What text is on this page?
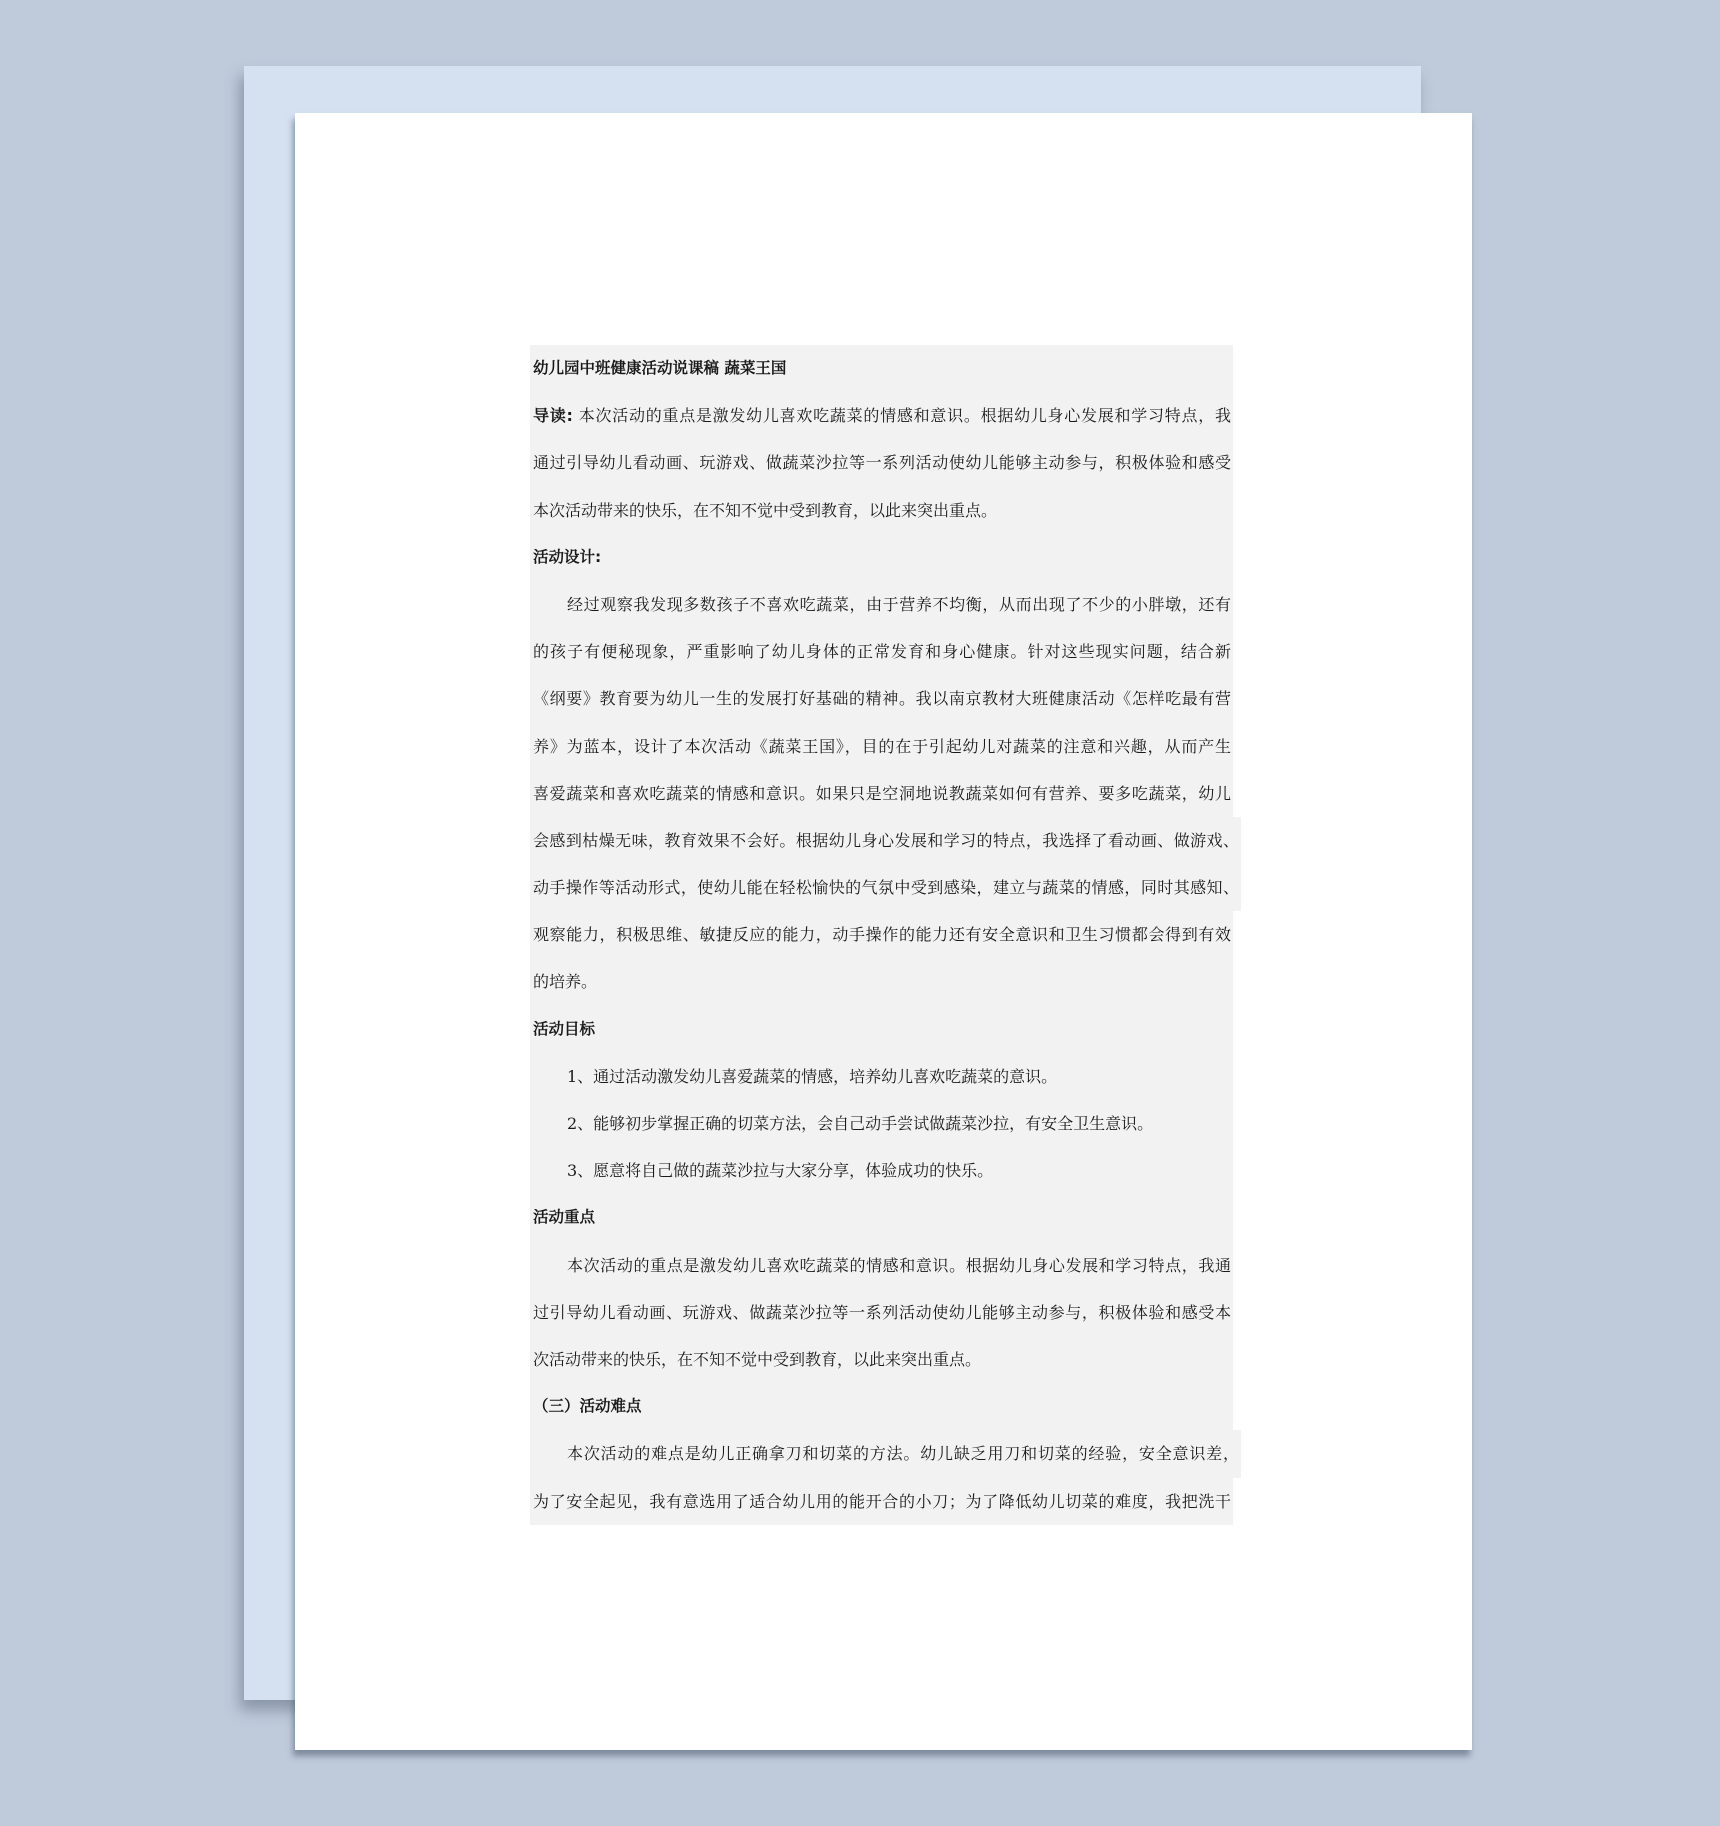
幼儿园中班健康活动说课稿 蔬菜王国
导读: 本次活动的重点是激发幼儿喜欢吃蔬菜的情感和意识。根据幼儿身心发展和学习特点，我
通过引导幼儿看动画、玩游戏、做蔬菜沙拉等一系列活动使幼儿能够主动参与，积极体验和感受
本次活动带来的快乐，在不知不觉中受到教育，以此来突出重点。
活动设计:
经过观察我发现多数孩子不喜欢吃蔬菜，由于营养不均衡，从而出现了不少的小胖墩，还有
的孩子有便秘现象，严重影响了幼儿身体的正常发育和身心健康。针对这些现实问题，结合新
《纲要》教育要为幼儿一生的发展打好基础的精神。我以南京教材大班健康活动《怎样吃最有营
养》为蓝本，设计了本次活动《蔬菜王国》，目的在于引起幼儿对蔬菜的注意和兴趣，从而产生
喜爱蔬菜和喜欢吃蔬菜的情感和意识。如果只是空洞地说教蔬菜如何有营养、要多吃蔬菜，幼儿
会感到枯燥无味，教育效果不会好。根据幼儿身心发展和学习的特点，我选择了看动画、做游戏、
动手操作等活动形式，使幼儿能在轻松愉快的气氛中受到感染，建立与蔬菜的情感，同时其感知、
观察能力，积极思维、敏捷反应的能力，动手操作的能力还有安全意识和卫生习惯都会得到有效
的培养。
活动目标
1、通过活动激发幼儿喜爱蔬菜的情感，培养幼儿喜欢吃蔬菜的意识。
2、能够初步掌握正确的切菜方法，会自己动手尝试做蔬菜沙拉，有安全卫生意识。
3、愿意将自己做的蔬菜沙拉与大家分享，体验成功的快乐。
活动重点
本次活动的重点是激发幼儿喜欢吃蔬菜的情感和意识。根据幼儿身心发展和学习特点，我通
过引导幼儿看动画、玩游戏、做蔬菜沙拉等一系列活动使幼儿能够主动参与，积极体验和感受本
次活动带来的快乐，在不知不觉中受到教育，以此来突出重点。
（三）活动难点
本次活动的难点是幼儿正确拿刀和切菜的方法。幼儿缺乏用刀和切菜的经验，安全意识差，
为了安全起见，我有意选用了适合幼儿用的能开合的小刀；为了降低幼儿切菜的难度，我把洗干
